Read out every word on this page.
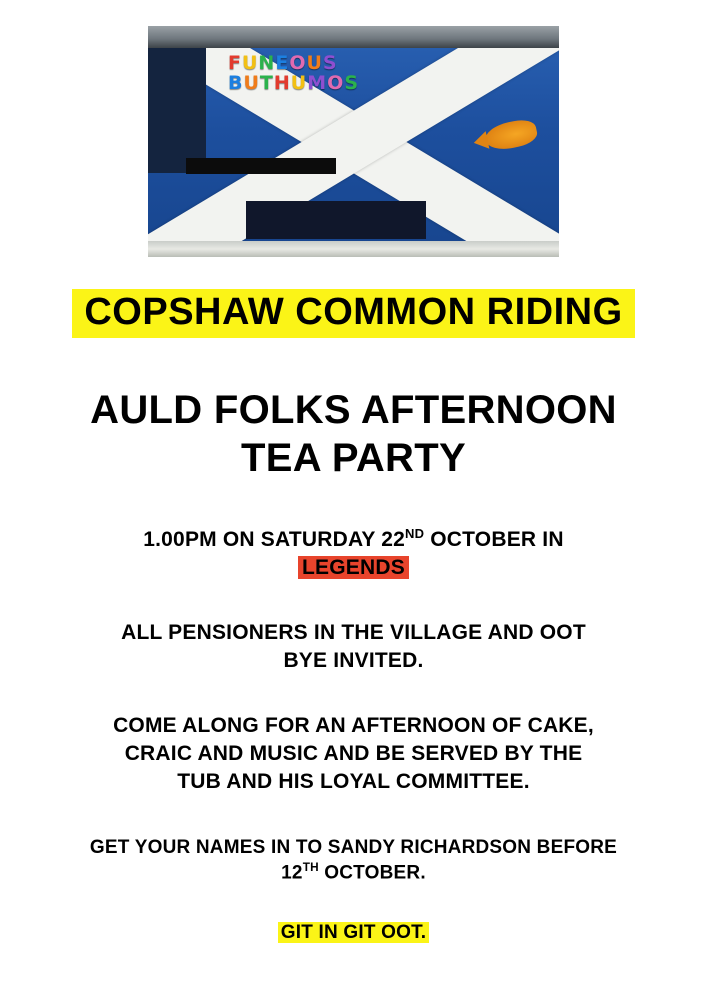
FUNEOUS
BUTHUMOS
COPSHAW COMMON RIDING
AULD FOLKS AFTERNOON
TEA PARTY
1.00PM ON SATURDAY 22ND OCTOBER IN
LEGENDS
ALL PENSIONERS IN THE VILLAGE AND OOT
BYE INVITED.
COME ALONG FOR AN AFTERNOON OF CAKE,
CRAIC AND MUSIC AND BE SERVED BY THE
TUB AND HIS LOYAL COMMITTEE.
GET YOUR NAMES IN TO SANDY RICHARDSON BEFORE
12TH OCTOBER.
GIT IN GIT OOT.
